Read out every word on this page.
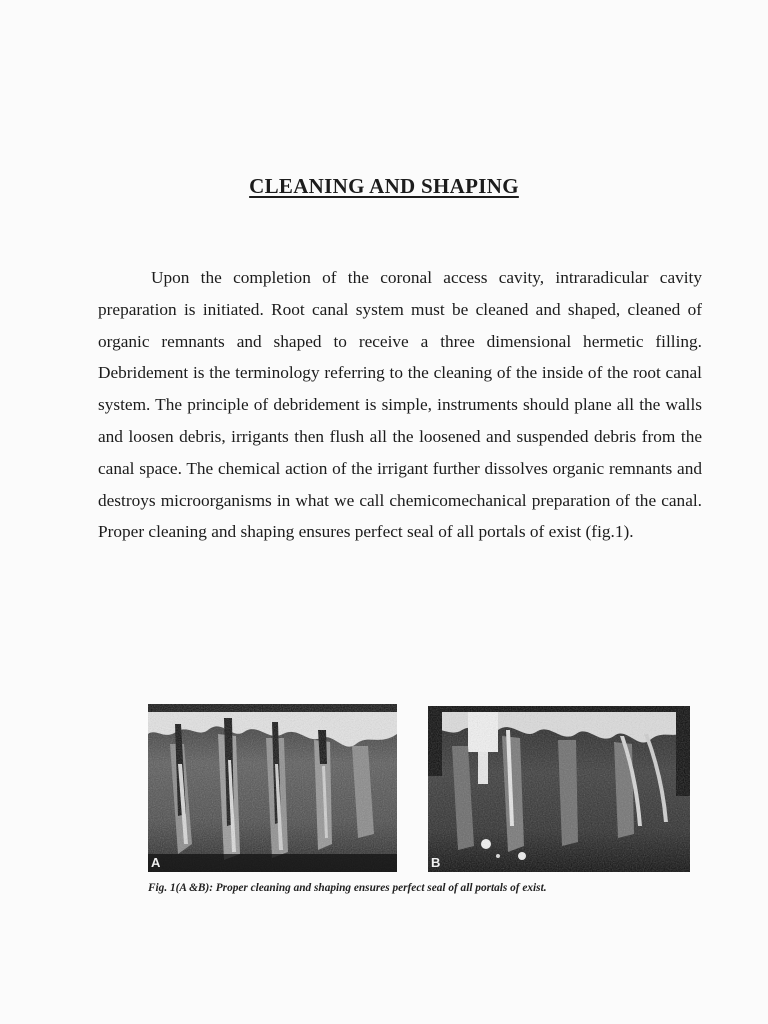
CLEANING AND SHAPING

Upon the completion of the coronal access cavity, intraradicular cavity preparation is initiated. Root canal system must be cleaned and shaped, cleaned of organic remnants and shaped to receive a three dimensional hermetic filling. Debridement is the terminology referring to the cleaning of the inside of the root canal system. The principle of debridement is simple, instruments should plane all the walls and loosen debris, irrigants then flush all the loosened and suspended debris from the canal space. The chemical action of the irrigant further dissolves organic remnants and destroys microorganisms in what we call chemicomechanical preparation of the canal. Proper cleaning and shaping ensures perfect seal of all portals of exist (fig.1).

A	B

Fig. 1(A &B): Proper cleaning and shaping ensures perfect seal of all portals of exist.
